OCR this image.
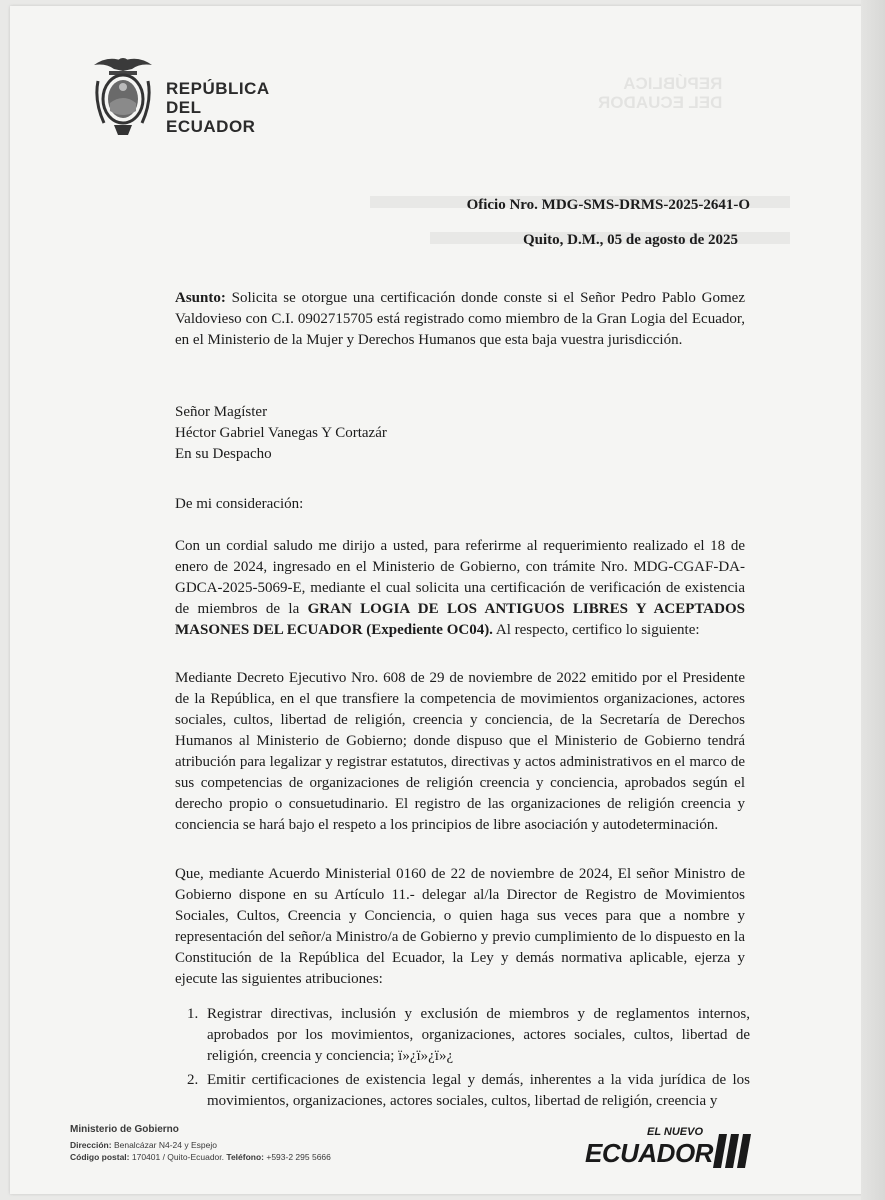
REPÚBLICA
DEL ECUADOR
REPÚBLICA
DEL ECUADOR
Oficio Nro. MDG-SMS-DRMS-2025-2641-O
Quito, D.M., 05 de agosto de 2025
Asunto: Solicita se otorgue una certificación donde conste si el Señor Pedro Pablo Gomez Valdovieso con C.I. 0902715705 está registrado como miembro de la Gran Logia del Ecuador, en el Ministerio de la Mujer y Derechos Humanos que esta baja vuestra jurisdicción.
Señor Magíster
Héctor Gabriel Vanegas Y Cortazár
En su Despacho
De mi consideración:
Con un cordial saludo me dirijo a usted, para referirme al requerimiento realizado el 18 de enero de 2024, ingresado en el Ministerio de Gobierno, con trámite Nro. MDG-CGAF-DA-GDCA-2025-5069-E, mediante el cual solicita una certificación de verificación de existencia de miembros de la GRAN LOGIA DE LOS ANTIGUOS LIBRES Y ACEPTADOS MASONES DEL ECUADOR (Expediente OC04). Al respecto, certifico lo siguiente:
Mediante Decreto Ejecutivo Nro. 608 de 29 de noviembre de 2022 emitido por el Presidente de la República, en el que transfiere la competencia de movimientos organizaciones, actores sociales, cultos, libertad de religión, creencia y conciencia, de la Secretaría de Derechos Humanos al Ministerio de Gobierno; donde dispuso que el Ministerio de Gobierno tendrá atribución para legalizar y registrar estatutos, directivas y actos administrativos en el marco de sus competencias de organizaciones de religión creencia y conciencia, aprobados según el derecho propio o consuetudinario. El registro de las organizaciones de religión creencia y conciencia se hará bajo el respeto a los principios de libre asociación y autodeterminación.
Que, mediante Acuerdo Ministerial 0160 de 22 de noviembre de 2024, El señor Ministro de Gobierno dispone en su Artículo 11.- delegar al/la Director de Registro de Movimientos Sociales, Cultos, Creencia y Conciencia, o quien haga sus veces para que a nombre y representación del señor/a Ministro/a de Gobierno y previo cumplimiento de lo dispuesto en la Constitución de la República del Ecuador, la Ley y demás normativa aplicable, ejerza y ejecute las siguientes atribuciones:
1. Registrar directivas, inclusión y exclusión de miembros y de reglamentos internos, aprobados por los movimientos, organizaciones, actores sociales, cultos, libertad de religión, creencia y conciencia; ï»¿ï»¿ï»¿
2. Emitir certificaciones de existencia legal y demás, inherentes a la vida jurídica de los movimientos, organizaciones, actores sociales, cultos, libertad de religión, creencia y
Ministerio de Gobierno
Dirección: Benalcázar N4-24 y Espejo
Código postal: 170401 / Quito-Ecuador. Teléfono: +593-2 295 5666
EL NUEVO
ECUADOR
